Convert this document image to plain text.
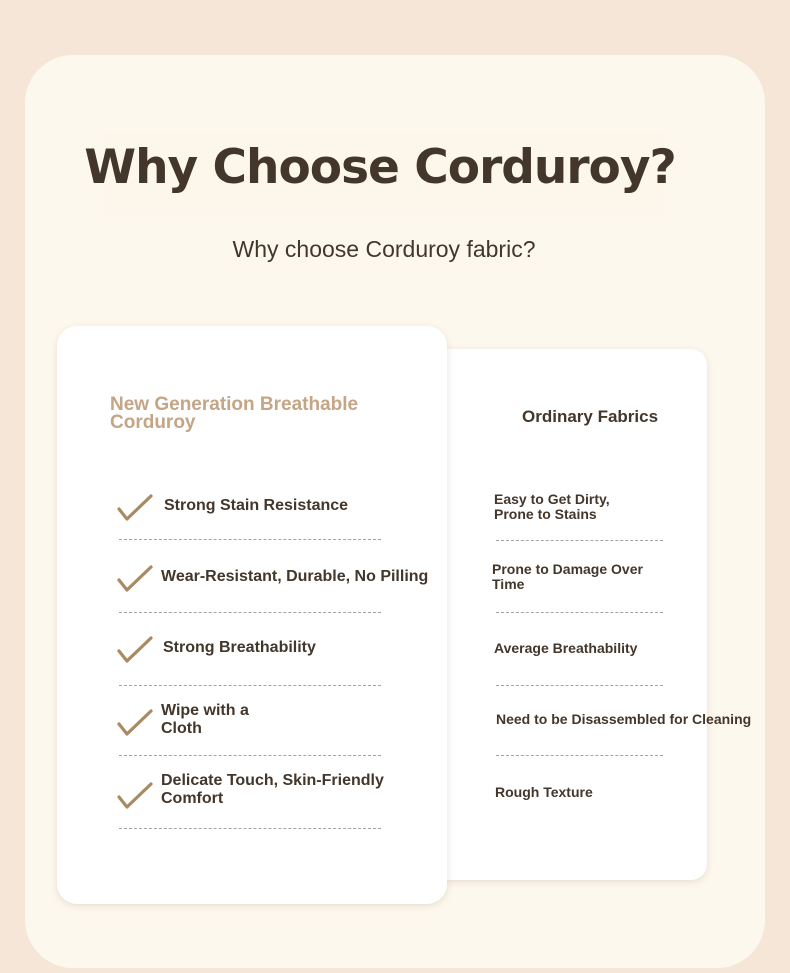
Why Choose Corduroy?

Why choose Corduroy fabric?

New Generation Breathable Corduroy	Ordinary Fabrics
Strong Stain Resistance
Wear-Resistant, Durable, No Pilling
Strong Breathability
Wipe with a Cloth
Delicate Touch, Skin-Friendly Comfort
Easy to Get Dirty, Prone to Stains
Prone to Damage Over Time
Average Breathability
Need to be Disassembled for Cleaning
Rough Texture
